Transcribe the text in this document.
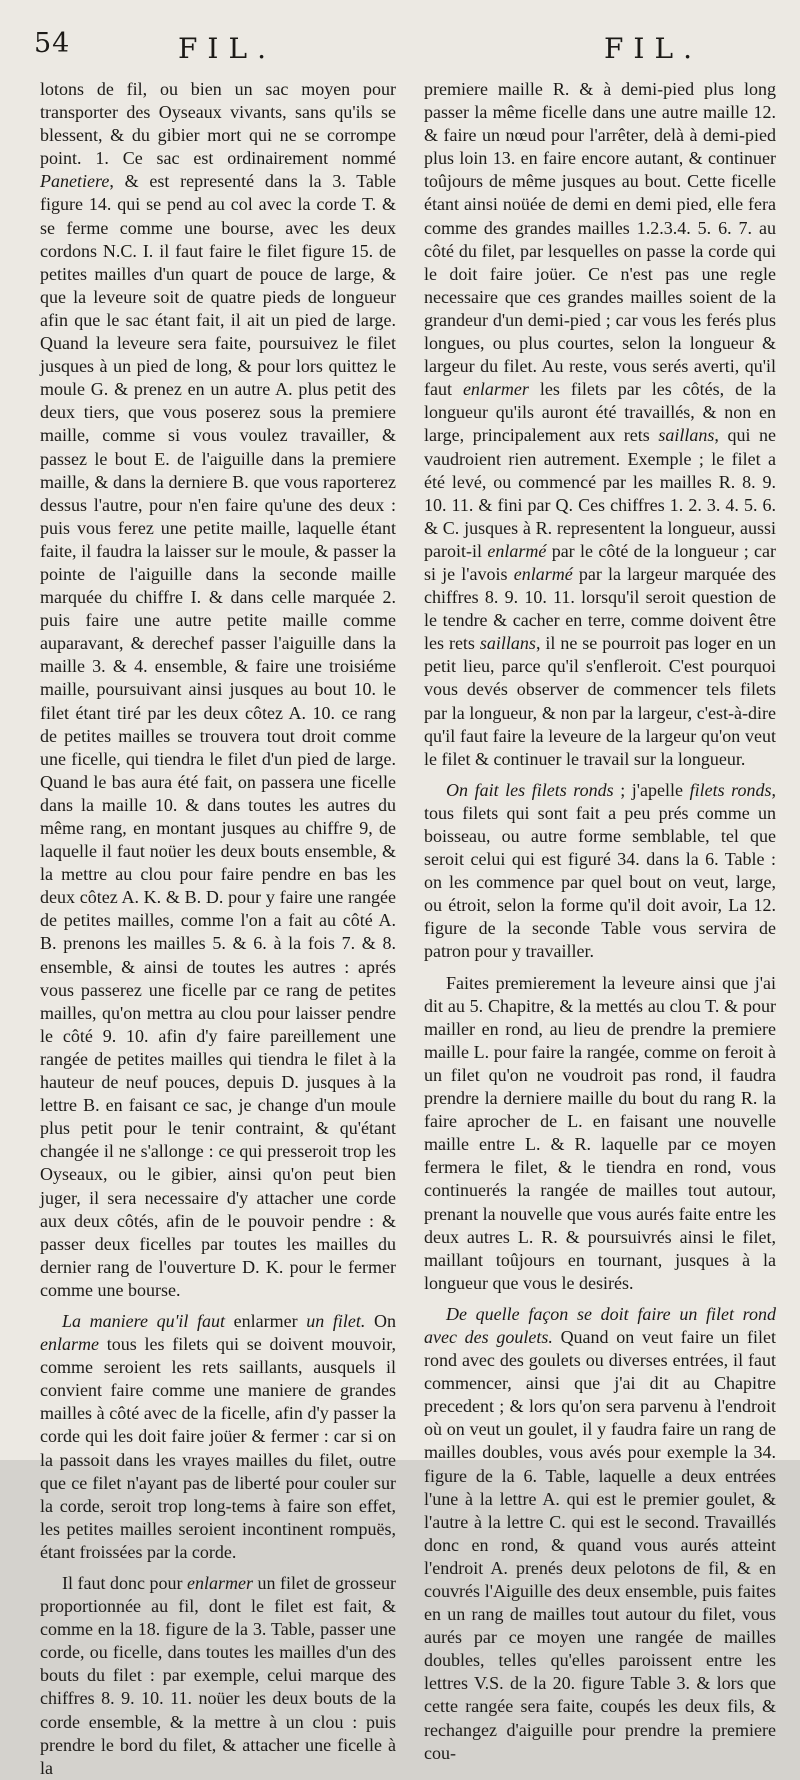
54	FIL.	FIL.

lotons de fil, ou bien un sac moyen pour transporter des Oyseaux vivants, sans qu'ils se blessent, & du gibier mort qui ne se corrompe point. 1. Ce sac est ordinairement nommé Panetiere, & est representé dans la 3. Table figure 14. qui se pend au col avec la corde T. & se ferme comme une bourse, avec les deux cordons N.C. I. il faut faire le filet figure 15. de petites mailles d'un quart de pouce de large, & que la leveure soit de quatre pieds de longueur afin que le sac étant fait, il ait un pied de large. Quand la leveure sera faite, poursuivez le filet jusques à un pied de long, & pour lors quittez le moule G. & prenez en un autre A. plus petit des deux tiers, que vous poserez sous la premiere maille, comme si vous voulez travailler, & passez le bout E. de l'aiguille dans la premiere maille, & dans la derniere B. que vous raporterez dessus l'autre, pour n'en faire qu'une des deux : puis vous ferez une petite maille, laquelle étant faite, il faudra la laisser sur le moule, & passer la pointe de l'aiguille dans la seconde maille marquée du chiffre I. & dans celle marquée 2. puis faire une autre petite maille comme auparavant, & derechef passer l'aiguille dans la maille 3. & 4. ensemble, & faire une troisiéme maille, poursuivant ainsi jusques au bout 10. le filet étant tiré par les deux côtez A. 10. ce rang de petites mailles se trouvera tout droit comme une ficelle, qui tiendra le filet d'un pied de large. Quand le bas aura été fait, on passera une ficelle dans la maille 10. & dans toutes les autres du même rang, en montant jusques au chiffre 9, de laquelle il faut noüer les deux bouts ensemble, & la mettre au clou pour faire pendre en bas les deux côtez A. K. & B. D. pour y faire une rangée de petites mailles, comme l'on a fait au côté A. B. prenons les mailles 5. & 6. à la fois 7. & 8. ensemble, & ainsi de toutes les autres : aprés vous passerez une ficelle par ce rang de petites mailles, qu'on mettra au clou pour laisser pendre le côté 9. 10. afin d'y faire pareillement une rangée de petites mailles qui tiendra le filet à la hauteur de neuf pouces, depuis D. jusques à la lettre B. en faisant ce sac, je change d'un moule plus petit pour le tenir contraint, & qu'étant changée il ne s'allonge : ce qui presseroit trop les Oyseaux, ou le gibier, ainsi qu'on peut bien juger, il sera necessaire d'y attacher une corde aux deux côtés, afin de le pouvoir pendre : & passer deux ficelles par toutes les mailles du dernier rang de l'ouverture D. K. pour le fermer comme une bourse.

La maniere qu'il faut enlarmer un filet. On enlarme tous les filets qui se doivent mouvoir, comme seroient les rets saillants, ausquels il convient faire comme une maniere de grandes mailles à côté avec de la ficelle, afin d'y passer la corde qui les doit faire joüer & fermer : car si on la passoit dans les vrayes mailles du filet, outre que ce filet n'ayant pas de liberté pour couler sur la corde, seroit trop long-tems à faire son effet, les petites mailles seroient incontinent rompuës, étant froissées par la corde.

Il faut donc pour enlarmer un filet de grosseur proportionnée au fil, dont le filet est fait, & comme en la 18. figure de la 3. Table, passer une corde, ou ficelle, dans toutes les mailles d'un des bouts du filet : par exemple, celui marque des chiffres 8. 9. 10. 11. noüer les deux bouts de la corde ensemble, & la mettre à un clou : puis prendre le bord du filet, & attacher une ficelle à la

premiere maille R. & à demi-pied plus long passer la même ficelle dans une autre maille 12. & faire un nœud pour l'arrêter, delà à demi-pied plus loin 13. en faire encore autant, & continuer toûjours de même jusques au bout. Cette ficelle étant ainsi noüée de demi en demi pied, elle fera comme des grandes mailles 1.2.3.4. 5. 6. 7. au côté du filet, par lesquelles on passe la corde qui le doit faire joüer. Ce n'est pas une regle necessaire que ces grandes mailles soient de la grandeur d'un demi-pied ; car vous les ferés plus longues, ou plus courtes, selon la longueur & largeur du filet. Au reste, vous serés averti, qu'il faut enlarmer les filets par les côtés, de la longueur qu'ils auront été travaillés, & non en large, principalement aux rets saillans, qui ne vaudroient rien autrement. Exemple ; le filet a été levé, ou commencé par les mailles R. 8. 9. 10. 11. & fini par Q. Ces chiffres 1. 2. 3. 4. 5. 6. & C. jusques à R. representent la longueur, aussi paroit-il enlarmé par le côté de la longueur ; car si je l'avois enlarmé par la largeur marquée des chiffres 8. 9. 10. 11. lorsqu'il seroit question de le tendre & cacher en terre, comme doivent être les rets saillans, il ne se pourroit pas loger en un petit lieu, parce qu'il s'enfleroit. C'est pourquoi vous devés observer de commencer tels filets par la longueur, & non par la largeur, c'est-à-dire qu'il faut faire la leveure de la largeur qu'on veut le filet & continuer le travail sur la longueur.

On fait les filets ronds ; j'apelle filets ronds, tous filets qui sont fait a peu prés comme un boisseau, ou autre forme semblable, tel que seroit celui qui est figuré 34. dans la 6. Table : on les commence par quel bout on veut, large, ou étroit, selon la forme qu'il doit avoir, La 12. figure de la seconde Table vous servira de patron pour y travailler.

Faites premierement la leveure ainsi que j'ai dit au 5. Chapitre, & la mettés au clou T. & pour mailler en rond, au lieu de prendre la premiere maille L. pour faire la rangée, comme on feroit à un filet qu'on ne voudroit pas rond, il faudra prendre la derniere maille du bout du rang R. la faire aprocher de L. en faisant une nouvelle maille entre L. & R. laquelle par ce moyen fermera le filet, & le tiendra en rond, vous continuerés la rangée de mailles tout autour, prenant la nouvelle que vous aurés faite entre les deux autres L. R. & poursuivrés ainsi le filet, maillant toûjours en tournant, jusques à la longueur que vous le desirés.

De quelle façon se doit faire un filet rond avec des goulets. Quand on veut faire un filet rond avec des goulets ou diverses entrées, il faut commencer, ainsi que j'ai dit au Chapitre precedent ; & lors qu'on sera parvenu à l'endroit où on veut un goulet, il y faudra faire un rang de mailles doubles, vous avés pour exemple la 34. figure de la 6. Table, laquelle a deux entrées l'une à la lettre A. qui est le premier goulet, & l'autre à la lettre C. qui est le second. Travaillés donc en rond, & quand vous aurés atteint l'endroit A. prenés deux pelotons de fil, & en couvrés l'Aiguille des deux ensemble, puis faites en un rang de mailles tout autour du filet, vous aurés par ce moyen une rangée de mailles doubles, telles qu'elles paroissent entre les lettres V.S. de la 20. figure Table 3. & lors que cette rangée sera faite, coupés les deux fils, & rechangez d'aiguille pour prendre la premiere cou-
